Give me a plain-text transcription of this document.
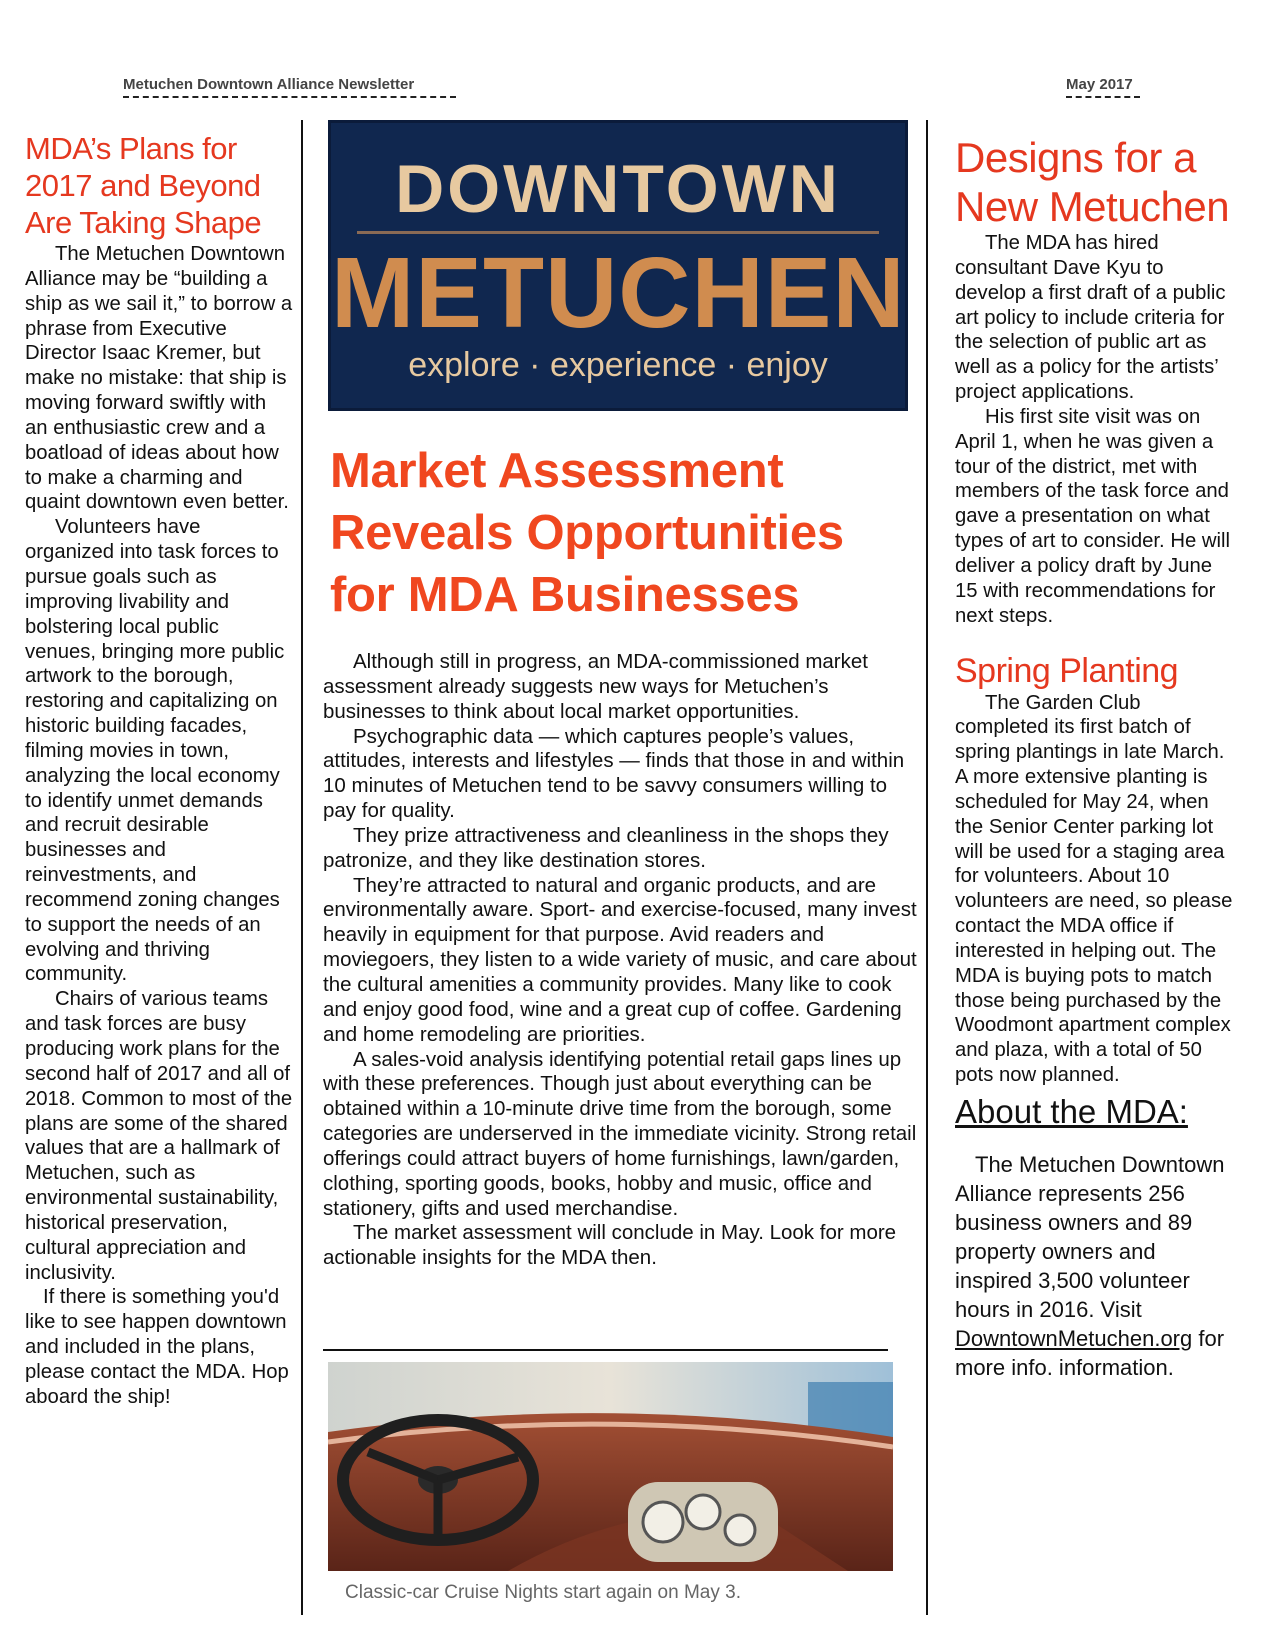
Metuchen Downtown Alliance Newsletter	May 2017
MDA’s Plans for 2017 and Beyond Are Taking Shape

The Metuchen Downtown Alliance may be “building a ship as we sail it,” to borrow a phrase from Executive Director Isaac Kremer, but make no mistake: that ship is moving forward swiftly with an enthusiastic crew and a boatload of ideas about how to make a charming and quaint downtown even better.

Volunteers have organized into task forces to pursue goals such as improving livability and bolstering local public venues, bringing more public artwork to the borough, restoring and capitalizing on historic building facades, filming movies in town, analyzing the local economy to identify unmet demands and recruit desirable businesses and reinvestments, and recommend zoning changes to support the needs of an evolving and thriving community.

Chairs of various teams and task forces are busy producing work plans for the second half of 2017 and all of 2018. Common to most of the plans are some of the shared values that are a hallmark of Metuchen, such as environmental sustainability, historical preservation, cultural appreciation and inclusivity.

If there is something you'd like to see happen downtown and included in the plans, please contact the MDA. Hop aboard the ship!

DOWNTOWN
METUCHEN
explore · experience · enjoy
Market Assessment Reveals Opportunities for MDA Businesses

Although still in progress, an MDA-commissioned market assessment already suggests new ways for Metuchen’s businesses to think about local market opportunities.

Psychographic data — which captures people’s values, attitudes, interests and lifestyles — finds that those in and within 10 minutes of Metuchen tend to be savvy consumers willing to pay for quality.

They prize attractiveness and cleanliness in the shops they patronize, and they like destination stores.

They’re attracted to natural and organic products, and are environmentally aware. Sport- and exercise-focused, many invest heavily in equipment for that purpose. Avid readers and moviegoers, they listen to a wide variety of music, and care about the cultural amenities a community provides. Many like to cook and enjoy good food, wine and a great cup of coffee. Gardening and home remodeling are priorities.

A sales-void analysis identifying potential retail gaps lines up with these preferences. Though just about everything can be obtained within a 10-minute drive time from the borough, some categories are underserved in the immediate vicinity. Strong retail offerings could attract buyers of home furnishings, lawn/garden, clothing, sporting goods, books, hobby and music, office and stationery, gifts and used merchandise.

The market assessment will conclude in May. Look for more actionable insights for the MDA then.

Classic-car Cruise Nights start again on May 3.
Designs for a New Metuchen

The MDA has hired consultant Dave Kyu to develop a first draft of a public art policy to include criteria for the selection of public art as well as a policy for the artists’ project applications.

His first site visit was on April 1, when he was given a tour of the district, met with members of the task force and gave a presentation on what types of art to consider. He will deliver a policy draft by June 15 with recommendations for next steps.

Spring Planting

The Garden Club completed its first batch of spring plantings in late March. A more extensive planting is scheduled for May 24, when the Senior Center parking lot will be used for a staging area for volunteers. About 10 volunteers are need, so please contact the MDA office if interested in helping out. The MDA is buying pots to match those being purchased by the Woodmont apartment complex and plaza, with a total of 50 pots now planned.

About the MDA:

The Metuchen Downtown Alliance represents 256 business owners and 89 property owners and inspired 3,500 volunteer hours in 2016. Visit DowntownMetuchen.org for more info. information.
